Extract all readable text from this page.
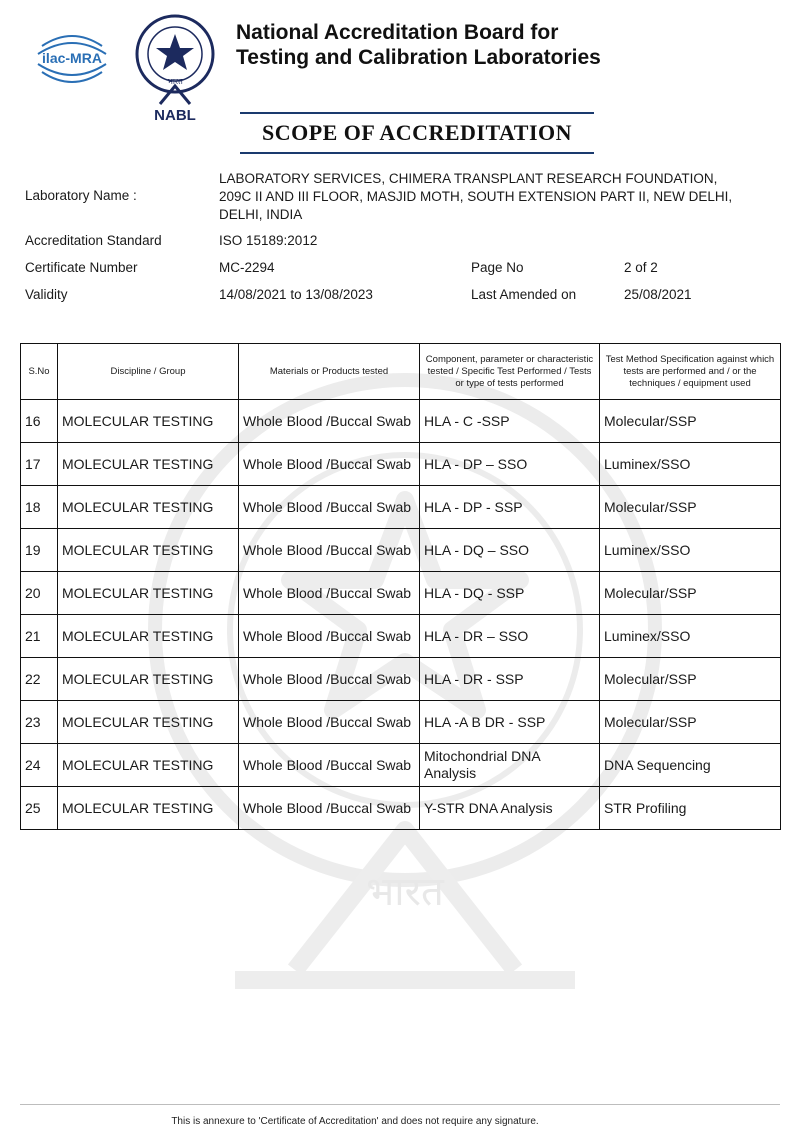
भारत
ilac-MRA
भारत
NABL
National Accreditation Board for
Testing and Calibration Laboratories
SCOPE OF ACCREDITATION
Laboratory Name :
LABORATORY SERVICES, CHIMERA TRANSPLANT RESEARCH FOUNDATION, 209C II AND III FLOOR, MASJID MOTH, SOUTH EXTENSION PART II, NEW DELHI, DELHI, INDIA
Accreditation Standard	ISO 15189:2012
Certificate Number	MC-2294	Page No	2 of 2
Validity	14/08/2021 to 13/08/2023	Last Amended on	25/08/2021
S.No	Discipline / Group	Materials or Products tested	Component, parameter or characteristic tested / Specific Test Performed / Tests or type of tests performed	Test Method Specification against which tests are performed and / or the techniques / equipment used
16	MOLECULAR TESTING	Whole Blood /Buccal Swab	HLA - C -SSP	Molecular/SSP
17	MOLECULAR TESTING	Whole Blood /Buccal Swab	HLA - DP – SSO	Luminex/SSO
18	MOLECULAR TESTING	Whole Blood /Buccal Swab	HLA - DP - SSP	Molecular/SSP
19	MOLECULAR TESTING	Whole Blood /Buccal Swab	HLA - DQ – SSO	Luminex/SSO
20	MOLECULAR TESTING	Whole Blood /Buccal Swab	HLA - DQ - SSP	Molecular/SSP
21	MOLECULAR TESTING	Whole Blood /Buccal Swab	HLA - DR – SSO	Luminex/SSO
22	MOLECULAR TESTING	Whole Blood /Buccal Swab	HLA - DR - SSP	Molecular/SSP
23	MOLECULAR TESTING	Whole Blood /Buccal Swab	HLA -A B DR - SSP	Molecular/SSP
24	MOLECULAR TESTING	Whole Blood /Buccal Swab	Mitochondrial DNA Analysis	DNA Sequencing
25	MOLECULAR TESTING	Whole Blood /Buccal Swab	Y-STR DNA Analysis	STR Profiling
This is annexure to 'Certificate of Accreditation' and does not require any signature.
